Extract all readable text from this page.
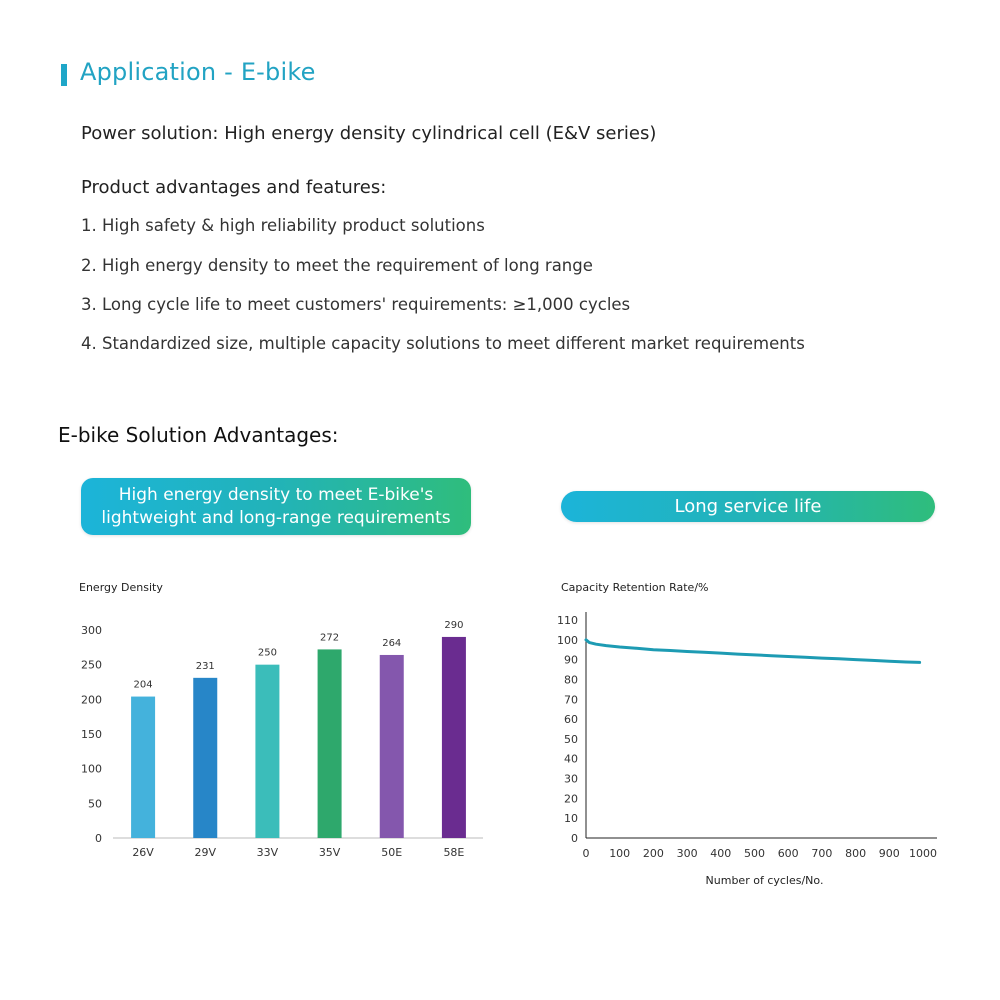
Application - E-bike
Power solution: High energy density cylindrical cell (E&V series)
Product advantages and features:
1. High safety & high reliability product solutions
2. High energy density to meet the requirement of long range
3. Long cycle life to meet customers' requirements: ≥1,000 cycles
4. Standardized size, multiple capacity solutions to meet different market requirements
E-bike Solution Advantages:
High energy density to meet E-bike's
lightweight and long-range requirements
Long service life
Energy Density
0
50
100
150
200
250
300
204
26V
231
29V
250
33V
272
35V
264
50E
290
58E
Capacity Retention Rate/%
0
10
20
30
40
50
60
70
80
90
100
110
0 100 200 300 400 500 600 700 800 900 1000
Number of cycles/No.
